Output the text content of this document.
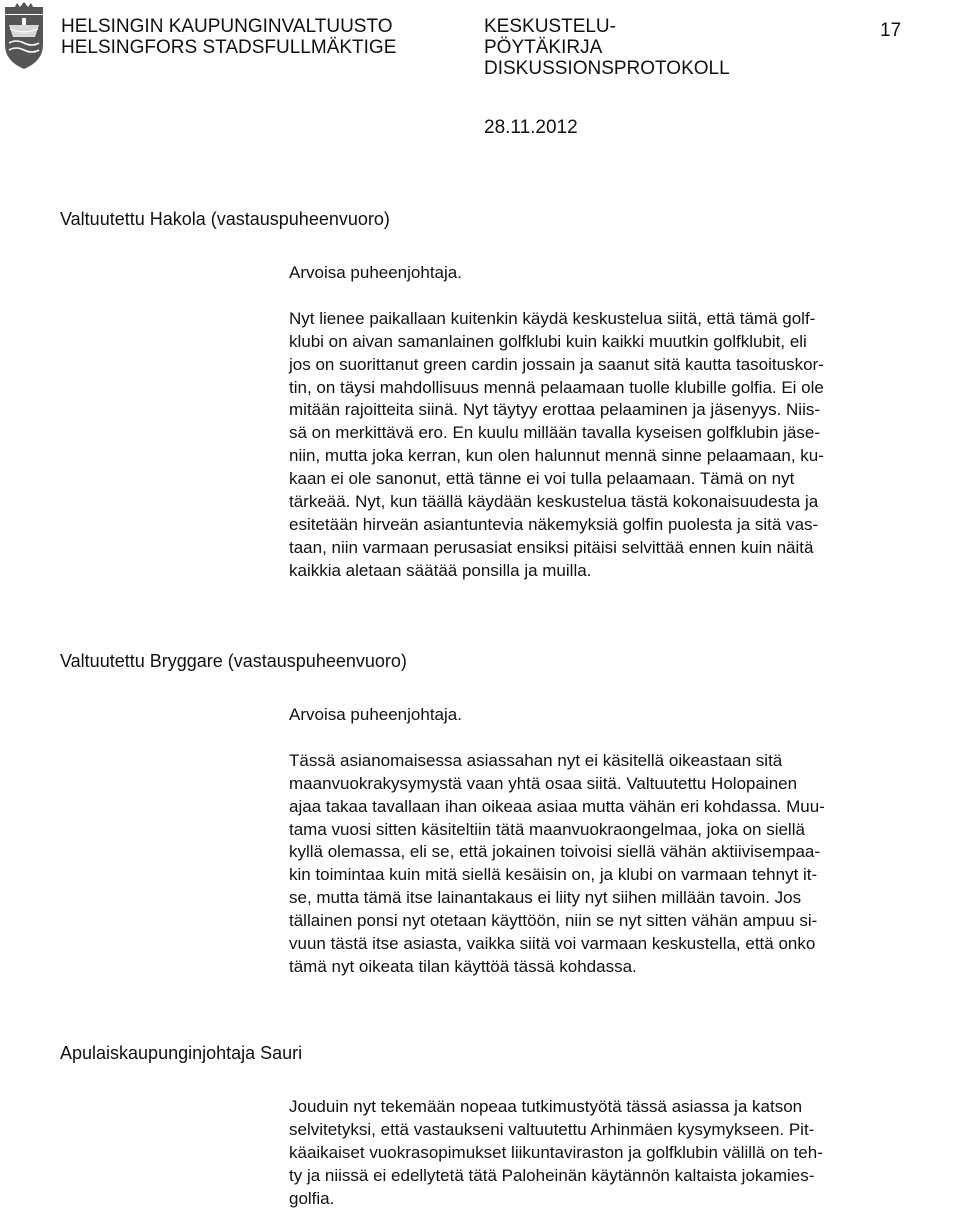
HELSINGIN KAUPUNGINVALTUUSTO
HELSINGFORS STADSFULLMÄKTIGE
KESKUSTELU-
PÖYTÄKIRJA
DISKUSSIONSPROTOKOLL
17
28.11.2012
Valtuutettu Hakola (vastauspuheenvuoro)

Arvoisa puheenjohtaja.

Nyt lienee paikallaan kuitenkin käydä keskustelua siitä, että tämä golf-
klubi on aivan samanlainen golfklubi kuin kaikki muutkin golfklubit, eli
jos on suorittanut green cardin jossain ja saanut sitä kautta tasoituskor-
tin, on täysi mahdollisuus mennä pelaamaan tuolle klubille golfia. Ei ole
mitään rajoitteita siinä. Nyt täytyy erottaa pelaaminen ja jäsenyys. Niis-
sä on merkittävä ero. En kuulu millään tavalla kyseisen golfklubin jäse-
niin, mutta joka kerran, kun olen halunnut mennä sinne pelaamaan, ku-
kaan ei ole sanonut, että tänne ei voi tulla pelaamaan. Tämä on nyt
tärkeää. Nyt, kun täällä käydään keskustelua tästä kokonaisuudesta ja
esitetään hirveän asiantuntevia näkemyksiä golfin puolesta ja sitä vas-
taan, niin varmaan perusasiat ensiksi pitäisi selvittää ennen kuin näitä
kaikkia aletaan säätää ponsilla ja muilla.
Valtuutettu Bryggare (vastauspuheenvuoro)

Arvoisa puheenjohtaja.

Tässä asianomaisessa asiassahan nyt ei käsitellä oikeastaan sitä
maanvuokrakysymystä vaan yhtä osaa siitä. Valtuutettu Holopainen
ajaa takaa tavallaan ihan oikeaa asiaa mutta vähän eri kohdassa. Muu-
tama vuosi sitten käsiteltiin tätä maanvuokraongelmaa, joka on siellä
kyllä olemassa, eli se, että jokainen toivoisi siellä vähän aktiivisempaa-
kin toimintaa kuin mitä siellä kesäisin on, ja klubi on varmaan tehnyt it-
se, mutta tämä itse lainantakaus ei liity nyt siihen millään tavoin. Jos
tällainen ponsi nyt otetaan käyttöön, niin se nyt sitten vähän ampuu si-
vuun tästä itse asiasta, vaikka siitä voi varmaan keskustella, että onko
tämä nyt oikeata tilan käyttöä tässä kohdassa.
Apulaiskaupunginjohtaja Sauri
Jouduin nyt tekemään nopeaa tutkimustyötä tässä asiassa ja katson
selvitetyksi, että vastaukseni valtuutettu Arhinmäen kysymykseen. Pit-
käaikaiset vuokrasopimukset liikuntaviraston ja golfklubin välillä on teh-
ty ja niissä ei edellytetä tätä Paloheinän käytännön kaltaista jokamies-
golfia.
